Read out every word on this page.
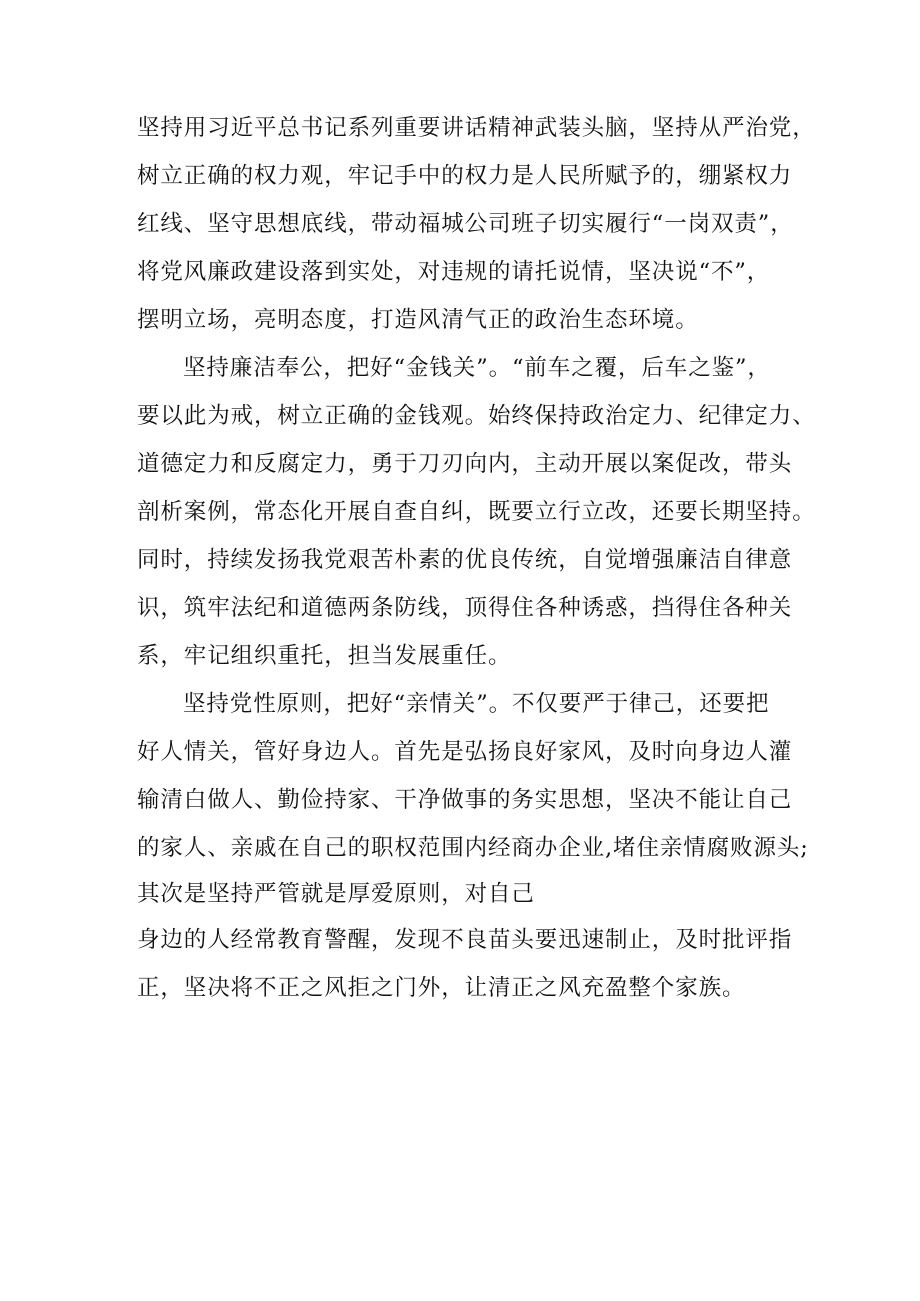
坚持用习近平总书记系列重要讲话精神武装头脑，坚持从严治党，
树立正确的权力观，牢记手中的权力是人民所赋予的，绷紧权力
红线、坚守思想底线，带动福城公司班子切实履行“一岗双责”，
将党风廉政建设落到实处，对违规的请托说情，坚决说“不”，
摆明立场，亮明态度，打造风清气正的政治生态环境。
坚持廉洁奉公，把好“金钱关”。“前车之覆，后车之鉴”，
要以此为戒，树立正确的金钱观。始终保持政治定力、纪律定力、
道德定力和反腐定力，勇于刀刃向内，主动开展以案促改，带头
剖析案例，常态化开展自查自纠，既要立行立改，还要长期坚持。
同时，持续发扬我党艰苦朴素的优良传统，自觉增强廉洁自律意
识，筑牢法纪和道德两条防线，顶得住各种诱惑，挡得住各种关
系，牢记组织重托，担当发展重任。
坚持党性原则，把好“亲情关”。不仅要严于律己，还要把
好人情关，管好身边人。首先是弘扬良好家风，及时向身边人灌
输清白做人、勤俭持家、干净做事的务实思想，坚决不能让自己
的家人、亲戚在自己的职权范围内经商办企业,堵住亲情腐败源头;
其次是坚持严管就是厚爱原则，对自己
身边的人经常教育警醒，发现不良苗头要迅速制止，及时批评指
正，坚决将不正之风拒之门外，让清正之风充盈整个家族。
